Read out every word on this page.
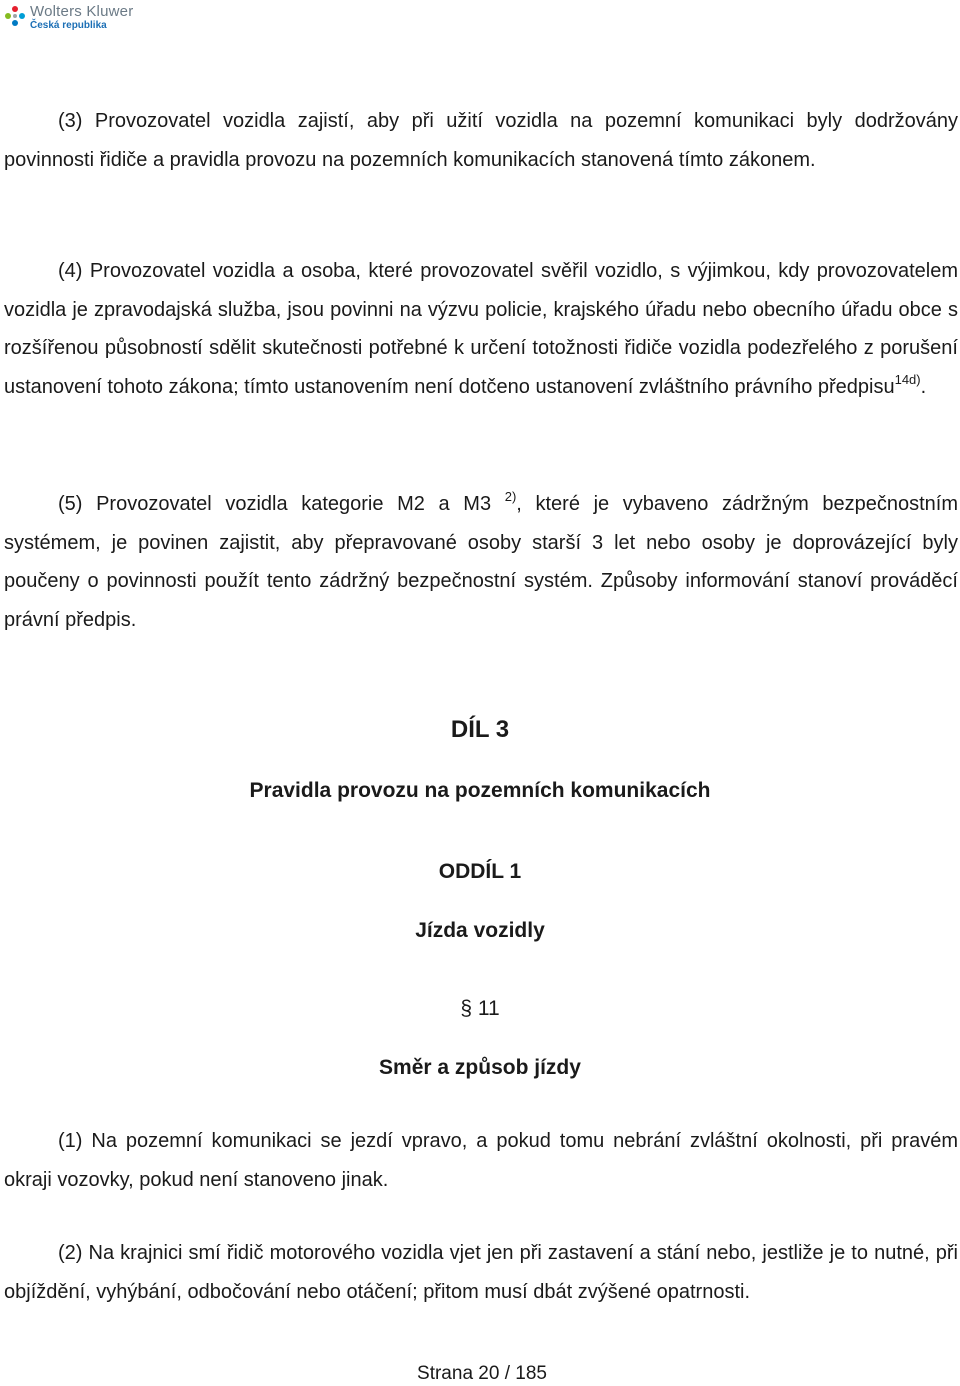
Wolters Kluwer
Česká republika

(3) Provozovatel vozidla zajistí, aby při užití vozidla na pozemní komunikaci byly dodržovány povinnosti řidiče a pravidla provozu na pozemních komunikacích stanovená tímto zákonem.

(4) Provozovatel vozidla a osoba, které provozovatel svěřil vozidlo, s výjimkou, kdy provozovatelem vozidla je zpravodajská služba, jsou povinni na výzvu policie, krajského úřadu nebo obecního úřadu obce s rozšířenou působností sdělit skutečnosti potřebné k určení totožnosti řidiče vozidla podezřelého z porušení ustanovení tohoto zákona; tímto ustanovením není dotčeno ustanovení zvláštního právního předpisu$^{14d)}$.

(5) Provozovatel vozidla kategorie M2 a M3 $^{2)}$, které je vybaveno zádržným bezpečnostním systémem, je povinen zajistit, aby přepravované osoby starší 3 let nebo osoby je doprovázející byly poučeny o povinnosti použít tento zádržný bezpečnostní systém. Způsoby informování stanoví prováděcí právní předpis.

DÍL 3
Pravidla provozu na pozemních komunikacích
ODDÍL 1
Jízda vozidly
§ 11
Směr a způsob jízdy

(1) Na pozemní komunikaci se jezdí vpravo, a pokud tomu nebrání zvláštní okolnosti, při pravém okraji vozovky, pokud není stanoveno jinak.

(2) Na krajnici smí řidič motorového vozidla vjet jen při zastavení a stání nebo, jestliže je to nutné, při objíždění, vyhýbání, odbočování nebo otáčení; přitom musí dbát zvýšené opatrnosti.

Strana 20 / 185
